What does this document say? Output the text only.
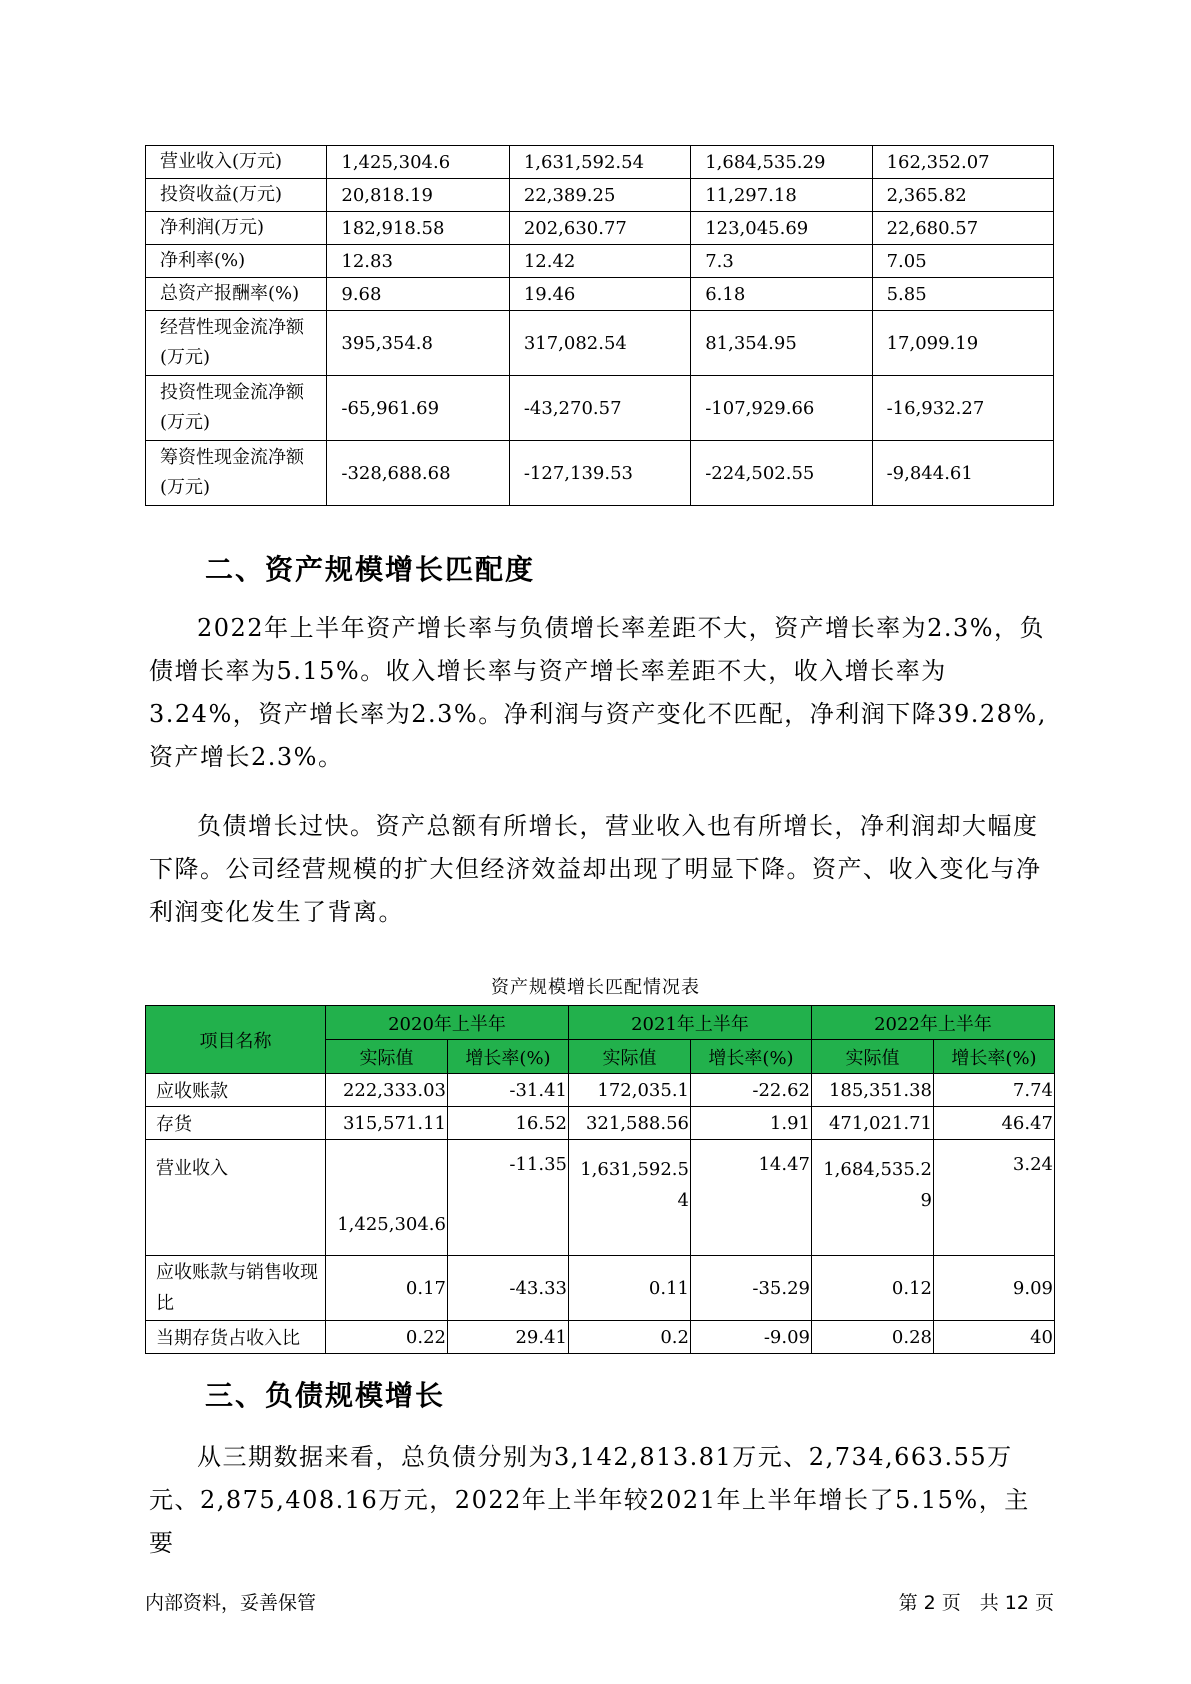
营业收入(万元)	1,425,304.6	1,631,592.54	1,684,535.29	162,352.07
投资收益(万元)	20,818.19	22,389.25	11,297.18	2,365.82
净利润(万元)	182,918.58	202,630.77	123,045.69	22,680.57
净利率(%)	12.83	12.42	7.3	7.05
总资产报酬率(%)	9.68	19.46	6.18	5.85
经营性现金流净额(万元)	395,354.8	317,082.54	81,354.95	17,099.19
投资性现金流净额(万元)	-65,961.69	-43,270.57	-107,929.66	-16,932.27
筹资性现金流净额(万元)	-328,688.68	-127,139.53	-224,502.55	-9,844.61
二、资产规模增长匹配度

2022年上半年资产增长率与负债增长率差距不大，资产增长率为2.3%，负债增长率为5.15%。收入增长率与资产增长率差距不大，收入增长率为3.24%，资产增长率为2.3%。净利润与资产变化不匹配，净利润下降39.28%,资产增长2.3%。

负债增长过快。资产总额有所增长，营业收入也有所增长，净利润却大幅度下降。公司经营规模的扩大但经济效益却出现了明显下降。资产、收入变化与净利润变化发生了背离。

资产规模增长匹配情况表
项目名称	2020年上半年		2021年上半年		2022年上半年	
	实际值	增长率(%)	实际值	增长率(%)	实际值	增长率(%)
应收账款	222,333.03	-31.41	172,035.1	-22.62	185,351.38	7.74
存货	315,571.11	16.52	321,588.56	1.91	471,021.71	46.47
营业收入	1,425,304.6	-11.35	1,631,592.54	14.47	1,684,535.29	3.24
应收账款与销售收现比	0.17	-43.33	0.11	-35.29	0.12	9.09
当期存货占收入比	0.22	29.41	0.2	-9.09	0.28	40
三、负债规模增长

从三期数据来看，总负债分别为3,142,813.81万元、2,734,663.55万元、2,875,408.16万元，2022年上半年较2021年上半年增长了5.15%，主要

内部资料，妥善保管	第 2 页　共 12 页
